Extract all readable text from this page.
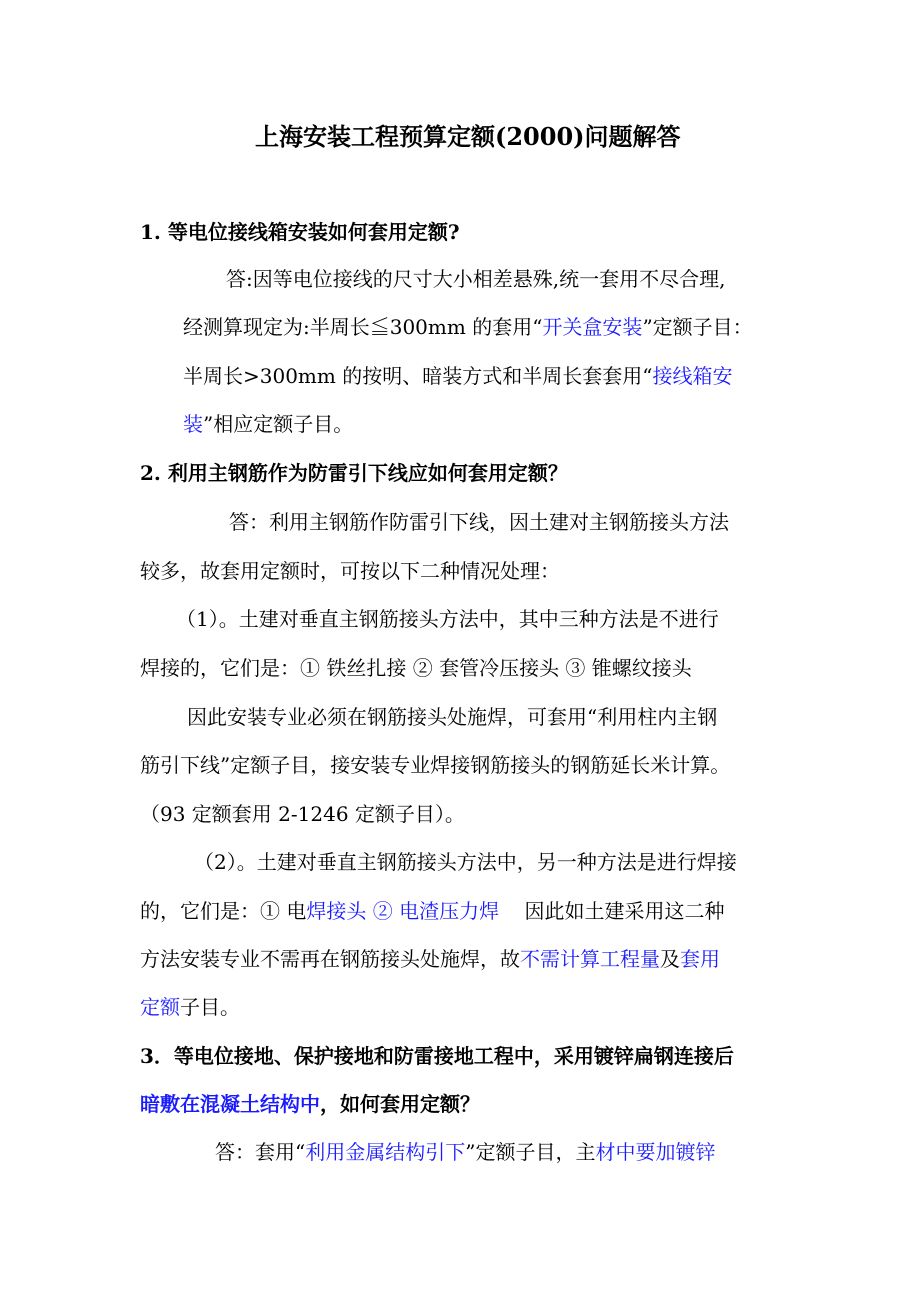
上海安装工程预算定额(2000)问题解答
1. 等电位接线箱安装如何套用定额?
答:因等电位接线的尺寸大小相差悬殊,统一套用不尽合理,
经测算现定为:半周长≦300mm 的套用“开关盒安装”定额子目：
半周长>300mm 的按明、暗装方式和半周长套套用“接线箱安
装”相应定额子目。
2. 利用主钢筋作为防雷引下线应如何套用定额？
答：利用主钢筋作防雷引下线，因土建对主钢筋接头方法
较多，故套用定额时，可按以下二种情况处理：
（1）。土建对垂直主钢筋接头方法中，其中三种方法是不进行
焊接的，它们是：① 铁丝扎接 ② 套管冷压接头 ③ 锥螺纹接头
因此安装专业必须在钢筋接头处施焊，可套用“利用柱内主钢
筋引下线”定额子目，接安装专业焊接钢筋接头的钢筋延长米计算。
（93 定额套用 2-1246 定额子目）。
（2）。土建对垂直主钢筋接头方法中，另一种方法是进行焊接
的，它们是：① 电焊接头 ② 电渣压力焊    因此如土建采用这二种
方法安装专业不需再在钢筋接头处施焊，故不需计算工程量及套用
定额子目。
3．等电位接地、保护接地和防雷接地工程中，采用镀锌扁钢连接后
暗敷在混凝土结构中，如何套用定额？
答：套用“利用金属结构引下”定额子目，主材中要加镀锌
